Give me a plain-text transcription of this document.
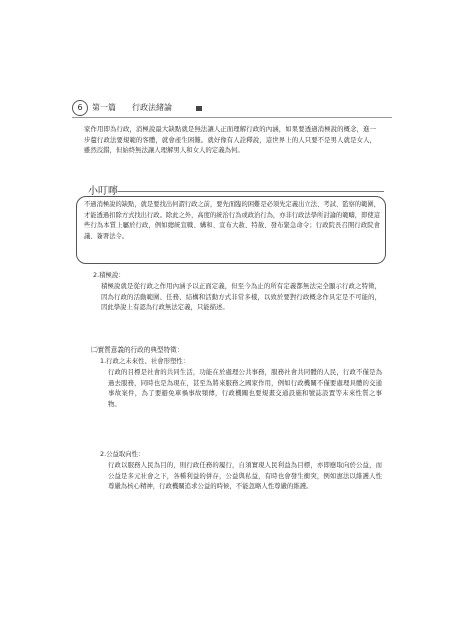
6	第一篇 行政法緒論
家作用即為行政，消極說最大缺點就是無法讓人正面理解行政的內涵，如果要透過消極說的概念，進一步釐行政法要規範的客體，就會產生困難。就好像有人詮釋說，這世界上的人只要不是男人就是女人，雖然沒錯，但始終無法讓人理解男人和女人的定義為何。
小叮嚀
不過消極說的缺點，就是要找出何謂行政之前，要先面臨的困難是必須先定義出立法、考試、監察的範圍，才能透過扣除方式找出行政。除此之外，高度的統治行為或政治行為，亦非行政法學所討論的範疇，即使這些行為本質上屬於行政，例如總統宣戰、媾和、宣布大赦、特赦、發布緊急命令；行政院長召開行政院會議、簽署法令。
2.積極說：
積極說就是從行政之作用內涵予以正面定義，但至今為止的所有定義都無法完全顯示行政之特徵，因為行政的活動範圍、任務、結構和活動方式非常多樣，以致於要對行政概念作具定是不可能的，因此學說上有認為行政無法定義，只能描述。
㈡實質意義的行政的典型特徵：
1.行政之未來性、社會形塑性：
行政的目標是社會的共同生活，功能在於處理公共事務，服務社會共同體的人民，行政不僅是為過去服務，同時也是為現在，甚至為將來服務之國家作用，例如行政機關不僅要處理具體的交通事故案件，為了要避免車禍事故頻傳，行政機關也要規畫交通設施和號誌設置等未來性質之事物。
2.公益取向性：
行政以服務人民為目的，則行政任務的履行，自須實現人民利益為目標，亦即應取向於公益，而公益是多元社會之下，各種利益的併存，公益與私益，有時也會發生衝突，例如憲法以維護人性尊嚴為核心精神，行政機關追求公益的時候，不能忽略人性尊嚴的維護。
